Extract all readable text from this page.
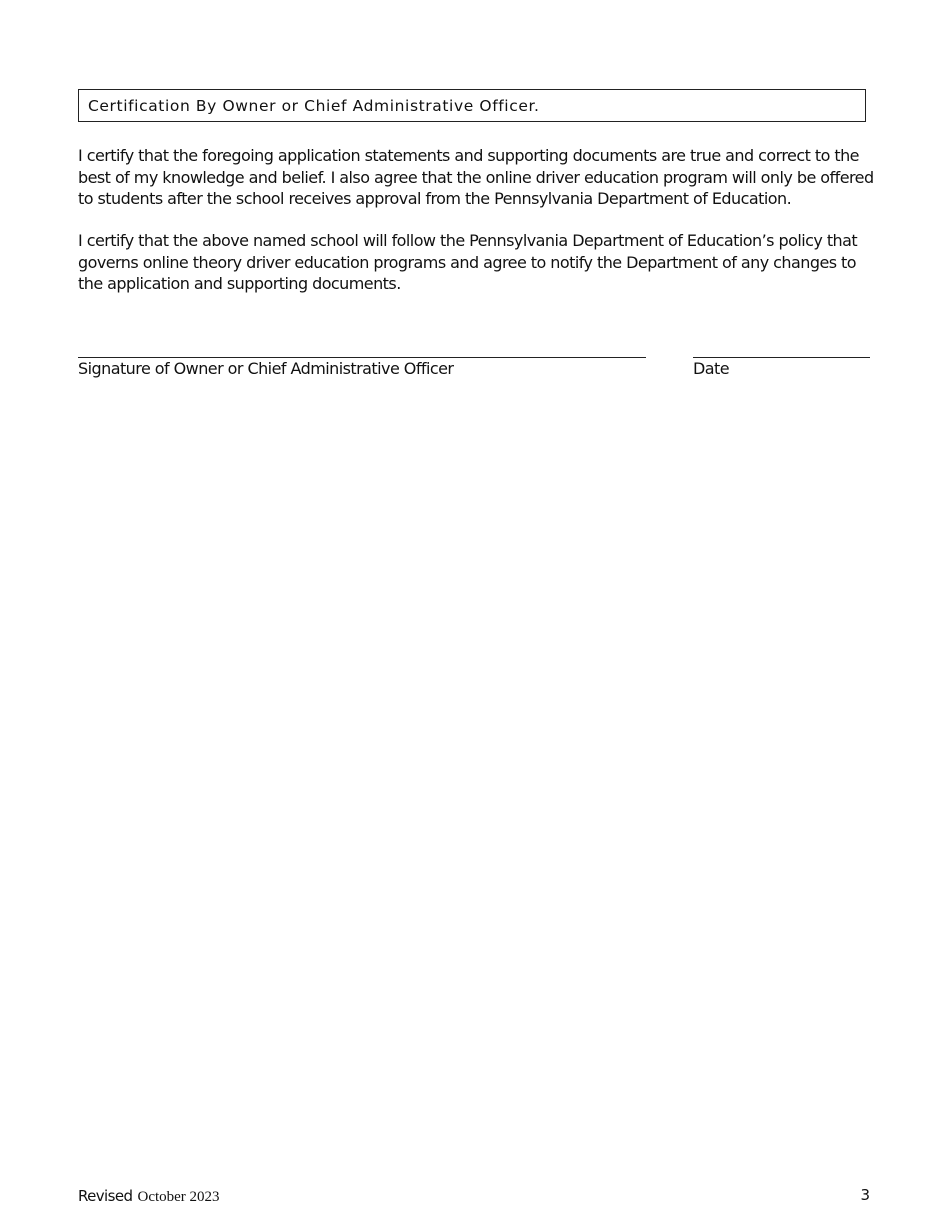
Certification By Owner or Chief Administrative Officer.

I certify that the foregoing application statements and supporting documents are true and correct to the best of my knowledge and belief. I also agree that the online driver education program will only be offered to students after the school receives approval from the Pennsylvania Department of Education.

I certify that the above named school will follow the Pennsylvania Department of Education’s policy that governs online theory driver education programs and agree to notify the Department of any changes to the application and supporting documents.

Signature of Owner or Chief Administrative Officer	Date
Revised October 2023	3
